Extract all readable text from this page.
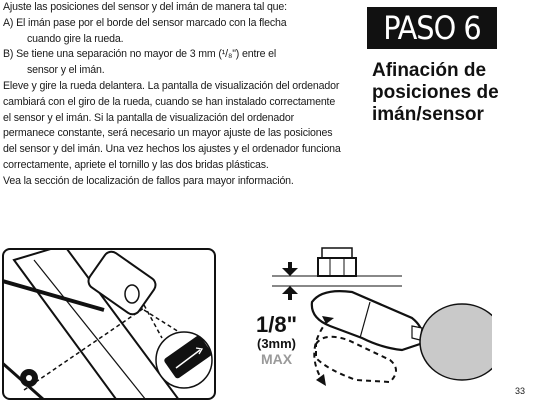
Ajuste las posiciones del sensor y del imán de manera tal que:

A) El imán pase por el borde del sensor marcado con la flecha

cuando gire la rueda.

B) Se tiene una separación no mayor de 3 mm (¹/₈") entre el

sensor y el imán.

Eleve y gire la rueda delantera. La pantalla de visualización del ordenador cambiará con el giro de la rueda, cuando se han instalado correctamente el sensor y el imán. Si la pantalla de visualización del ordenador permanece constante, será necesario un mayor ajuste de las posiciones del sensor y del imán. Una vez hechos los ajustes y el ordenador funciona correctamente, apriete el tornillo y las dos bridas plásticas.

Vea la sección de localización de fallos para mayor información.

PASO 6
Afinación de posiciones de imán/sensor
1/8"
(3mm)
MAX
33
